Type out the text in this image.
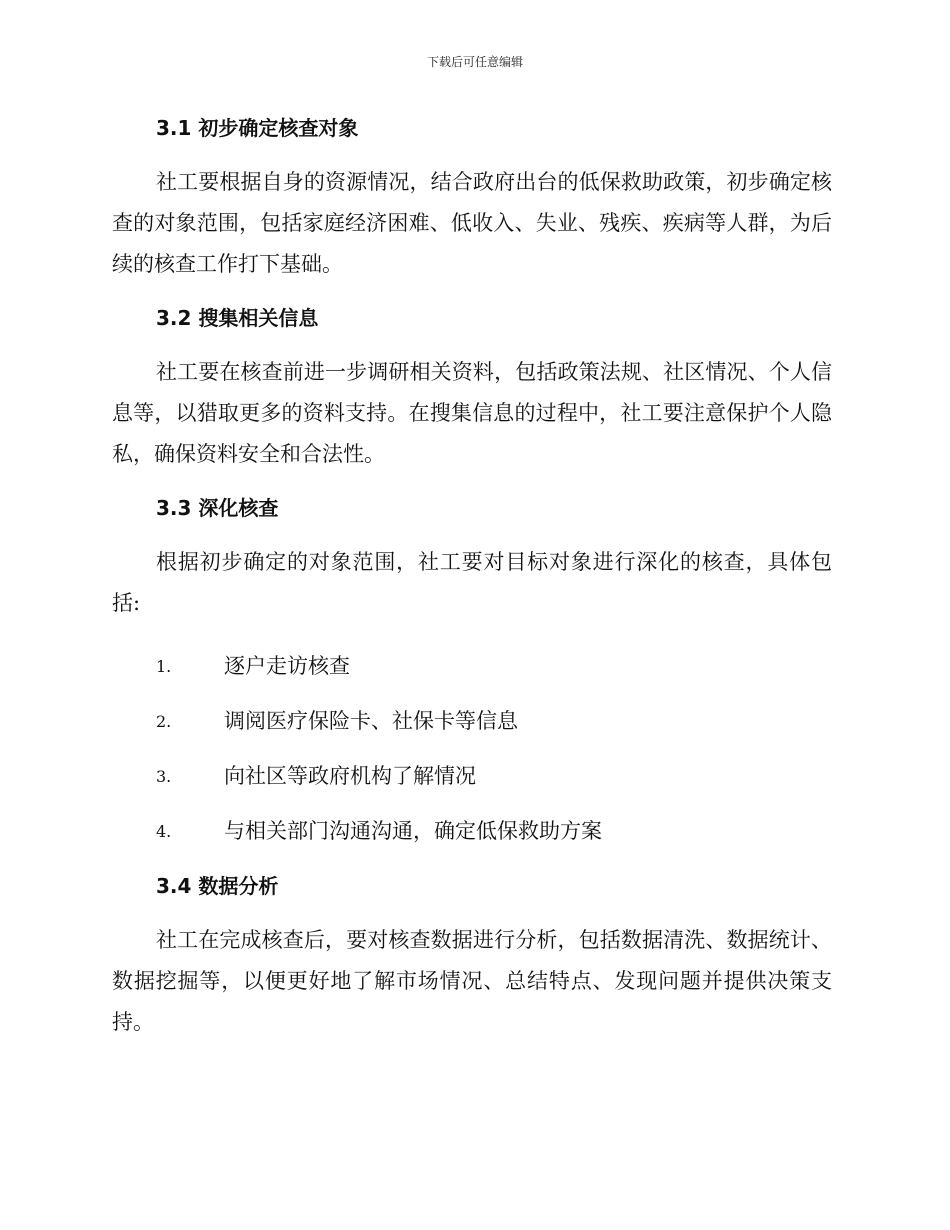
下载后可任意编辑
3.1 初步确定核查对象
社工要根据自身的资源情况，结合政府出台的低保救助政策，初步确定核查的对象范围，包括家庭经济困难、低收入、失业、残疾、疾病等人群，为后续的核查工作打下基础。
3.2 搜集相关信息
社工要在核查前进一步调研相关资料，包括政策法规、社区情况、个人信息等，以猎取更多的资料支持。在搜集信息的过程中，社工要注意保护个人隐私，确保资料安全和合法性。
3.3 深化核查
根据初步确定的对象范围，社工要对目标对象进行深化的核查，具体包括:
1.	逐户走访核查
2.	调阅医疗保险卡、社保卡等信息
3.	向社区等政府机构了解情况
4.	与相关部门沟通沟通，确定低保救助方案
3.4 数据分析
社工在完成核查后，要对核查数据进行分析，包括数据清洗、数据统计、数据挖掘等，以便更好地了解市场情况、总结特点、发现问题并提供决策支持。
